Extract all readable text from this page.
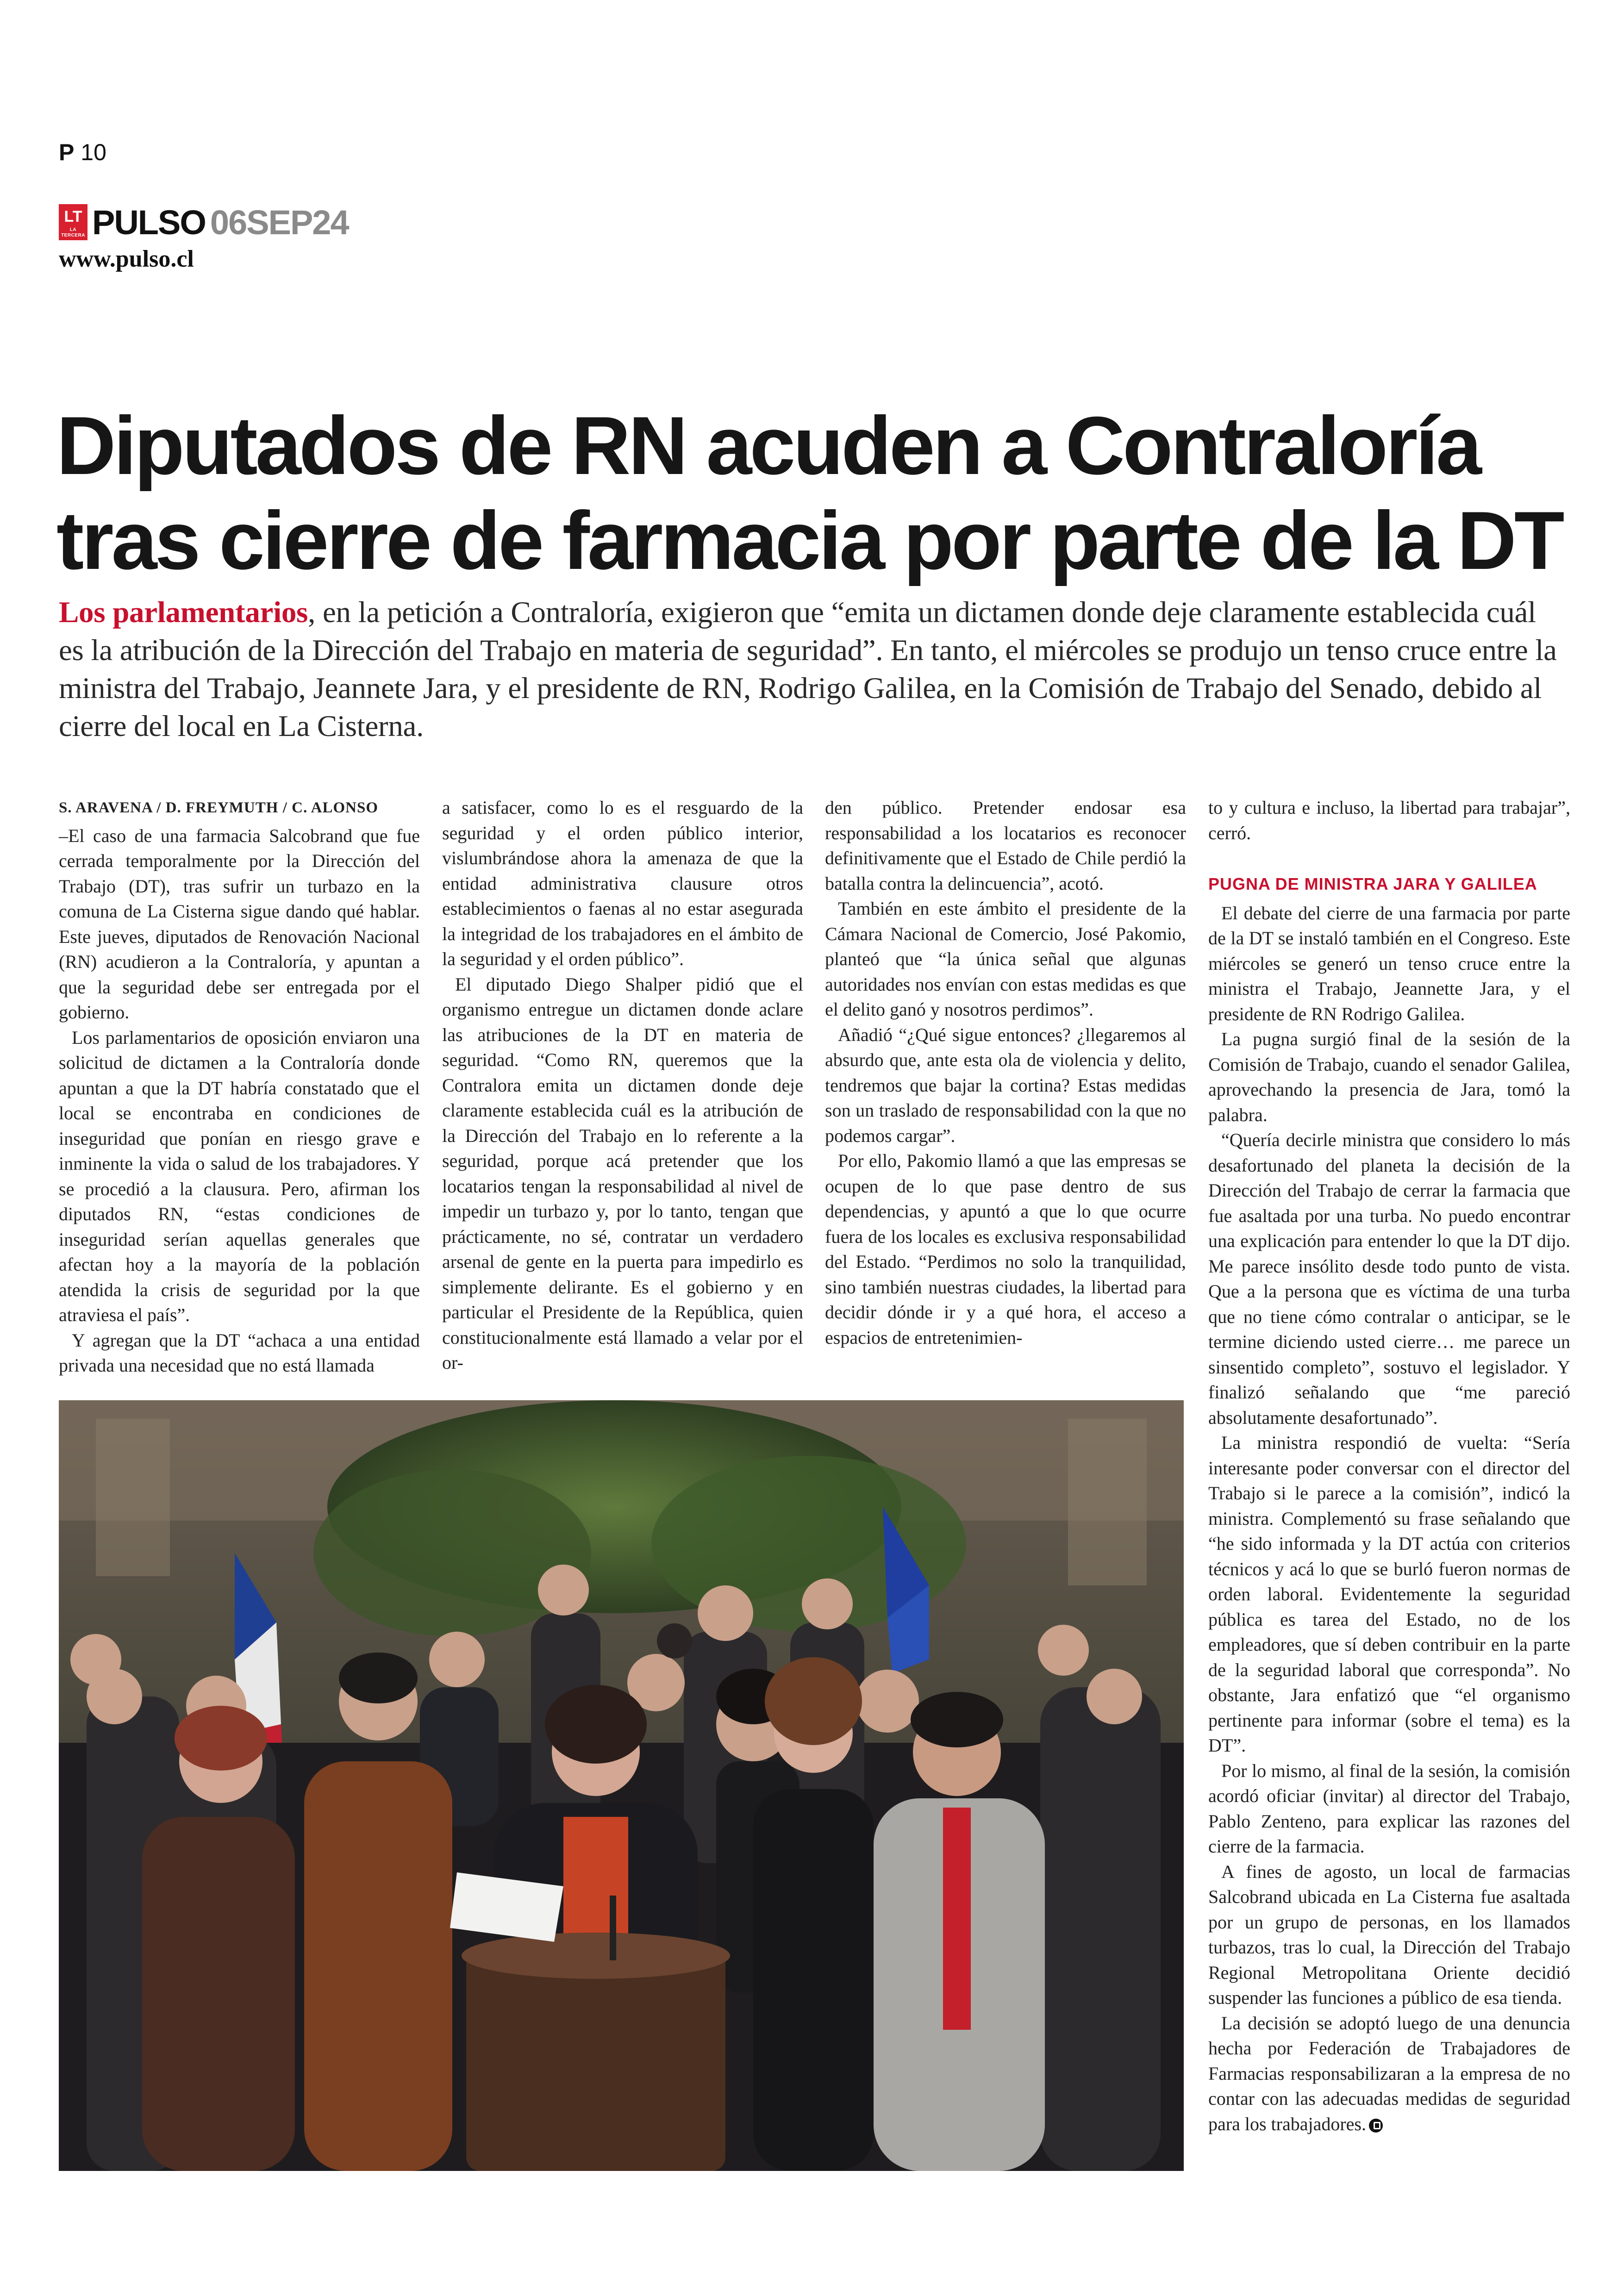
P 10
LT
LA TERCERA PULSO 06SEP24
www.pulso.cl
Diputados de RN acuden a Contraloría tras cierre de farmacia por parte de la DT

Los parlamentarios, en la petición a Contraloría, exigieron que “emita un dictamen donde deje claramente establecida cuál es la atribución de la Dirección del Trabajo en materia de seguridad”. En tanto, el miércoles se produjo un tenso cruce entre la ministra del Trabajo, Jeannete Jara, y el presidente de RN, Rodrigo Galilea, en la Comisión de Trabajo del Senado, debido al cierre del local en La Cisterna.

S. ARAVENA / D. FREYMUTH / C. ALONSO

–El caso de una farmacia Salcobrand que fue cerrada temporalmente por la Dirección del Trabajo (DT), tras sufrir un turbazo en la comuna de La Cisterna sigue dando qué hablar. Este jueves, diputados de Renovación Nacional (RN) acudieron a la Contraloría, y apuntan a que la seguridad debe ser entregada por el gobierno.

Los parlamentarios de oposición enviaron una solicitud de dictamen a la Contraloría donde apuntan a que la DT habría constatado que el local se encontraba en condiciones de inseguridad que ponían en riesgo grave e inminente la vida o salud de los trabajadores. Y se procedió a la clausura. Pero, afirman los diputados RN, “estas condiciones de inseguridad serían aquellas generales que afectan hoy a la mayoría de la población atendida la crisis de seguridad por la que atraviesa el país”.

Y agregan que la DT “achaca a una entidad privada una necesidad que no está llamada

a satisfacer, como lo es el resguardo de la seguridad y el orden público interior, vislumbrándose ahora la amenaza de que la entidad administrativa clausure otros establecimientos o faenas al no estar asegurada la integridad de los trabajadores en el ámbito de la seguridad y el orden público”.

El diputado Diego Shalper pidió que el organismo entregue un dictamen donde aclare las atribuciones de la DT en materia de seguridad. “Como RN, queremos que la Contralora emita un dictamen donde deje claramente establecida cuál es la atribución de la Dirección del Trabajo en lo referente a la seguridad, porque acá pretender que los locatarios tengan la responsabilidad al nivel de impedir un turbazo y, por lo tanto, tengan que prácticamente, no sé, contratar un verdadero arsenal de gente en la puerta para impedirlo es simplemente delirante. Es el gobierno y en particular el Presidente de la República, quien constitucionalmente está llamado a velar por el or-

den público. Pretender endosar esa responsabilidad a los locatarios es reconocer definitivamente que el Estado de Chile perdió la batalla contra la delincuencia”, acotó.

También en este ámbito el presidente de la Cámara Nacional de Comercio, José Pakomio, planteó que “la única señal que algunas autoridades nos envían con estas medidas es que el delito ganó y nosotros perdimos”.

Añadió “¿Qué sigue entonces? ¿llegaremos al absurdo que, ante esta ola de violencia y delito, tendremos que bajar la cortina? Estas medidas son un traslado de responsabilidad con la que no podemos cargar”.

Por ello, Pakomio llamó a que las empresas se ocupen de lo que pase dentro de sus dependencias, y apuntó a que lo que ocurre fuera de los locales es exclusiva responsabilidad del Estado. “Perdimos no solo la tranquilidad, sino también nuestras ciudades, la libertad para decidir dónde ir y a qué hora, el acceso a espacios de entretenimien-

to y cultura e incluso, la libertad para trabajar”, cerró.

PUGNA DE MINISTRA JARA Y GALILEA

El debate del cierre de una farmacia por parte de la DT se instaló también en el Congreso. Este miércoles se generó un tenso cruce entre la ministra el Trabajo, Jeannette Jara, y el presidente de RN Rodrigo Galilea.

La pugna surgió final de la sesión de la Comisión de Trabajo, cuando el senador Galilea, aprovechando la presencia de Jara, tomó la palabra.

“Quería decirle ministra que considero lo más desafortunado del planeta la decisión de la Dirección del Trabajo de cerrar la farmacia que fue asaltada por una turba. No puedo encontrar una explicación para entender lo que la DT dijo. Me parece insólito desde todo punto de vista. Que a la persona que es víctima de una turba que no tiene cómo contralar o anticipar, se le termine diciendo usted cierre… me parece un sinsentido completo”, sostuvo el legislador. Y finalizó señalando que “me pareció absolutamente desafortunado”.

La ministra respondió de vuelta: “Sería interesante poder conversar con el director del Trabajo si le parece a la comisión”, indicó la ministra. Complementó su frase señalando que “he sido informada y la DT actúa con criterios técnicos y acá lo que se burló fueron normas de orden laboral. Evidentemente la seguridad pública es tarea del Estado, no de los empleadores, que sí deben contribuir en la parte de la seguridad laboral que corresponda”. No obstante, Jara enfatizó que “el organismo pertinente para informar (sobre el tema) es la DT”.

Por lo mismo, al final de la sesión, la comisión acordó oficiar (invitar) al director del Trabajo, Pablo Zenteno, para explicar las razones del cierre de la farmacia.

A fines de agosto, un local de farmacias Salcobrand ubicada en La Cisterna fue asaltada por un grupo de personas, en los llamados turbazos, tras lo cual, la Dirección del Trabajo Regional Metropolitana Oriente decidió suspender las funciones a público de esa tienda.

La decisión se adoptó luego de una denuncia hecha por Federación de Trabajadores de Farmacias responsabilizaran a la empresa de no contar con las adecuadas medidas de seguridad para los trabajadores.
